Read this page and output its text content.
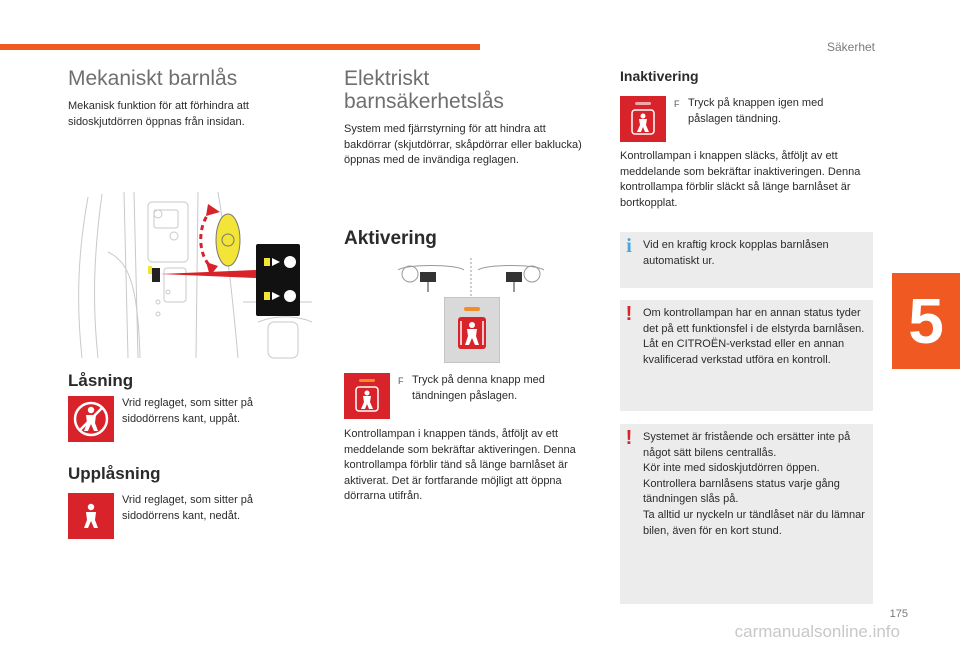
Säkerhet
5
175
carmanualsonline.info
Mekaniskt barnlås

Mekanisk funktion för att förhindra att sidoskjutdörren öppnas från insidan.

Låsning

Vrid reglaget, som sitter på sidodörrens kant, uppåt.

Upplåsning

Vrid reglaget, som sitter på sidodörrens kant, nedåt.

Elektriskt
barnsäkerhetslås

System med fjärrstyrning för att hindra att bakdörrar (skjutdörrar, skåpdörrar eller baklucka) öppnas med de invändiga reglagen.

Aktivering
F Tryck på denna knapp med tändningen påslagen.

Kontrollampan i knappen tänds, åtföljt av ett meddelande som bekräftar aktiveringen. Denna kontrollampa förblir tänd så länge barnlåset är aktiverat. Det är fortfarande möjligt att öppna dörrarna utifrån.

Inaktivering
F Tryck på knappen igen med påslagen tändning.

Kontrollampan i knappen släcks, åtföljt av ett meddelande som bekräftar inaktiveringen. Denna kontrollampa förblir släckt så länge barnlåset är bortkopplat.

i	Vid en kraftig krock kopplas barnlåsen automatiskt ur.

! Om kontrollampan har en annan status tyder det på ett funktionsfel i de elstyrda barnlåsen.
Låt en CITROËN-verkstad eller en annan kvalificerad verkstad utföra en kontroll.

! Systemet är fristående och ersätter inte på något sätt bilens centrallås.
Kör inte med sidoskjutdörren öppen.
Kontrollera barnlåsens status varje gång tändningen slås på.
Ta alltid ur nyckeln ur tändlåset när du lämnar bilen, även för en kort stund.
